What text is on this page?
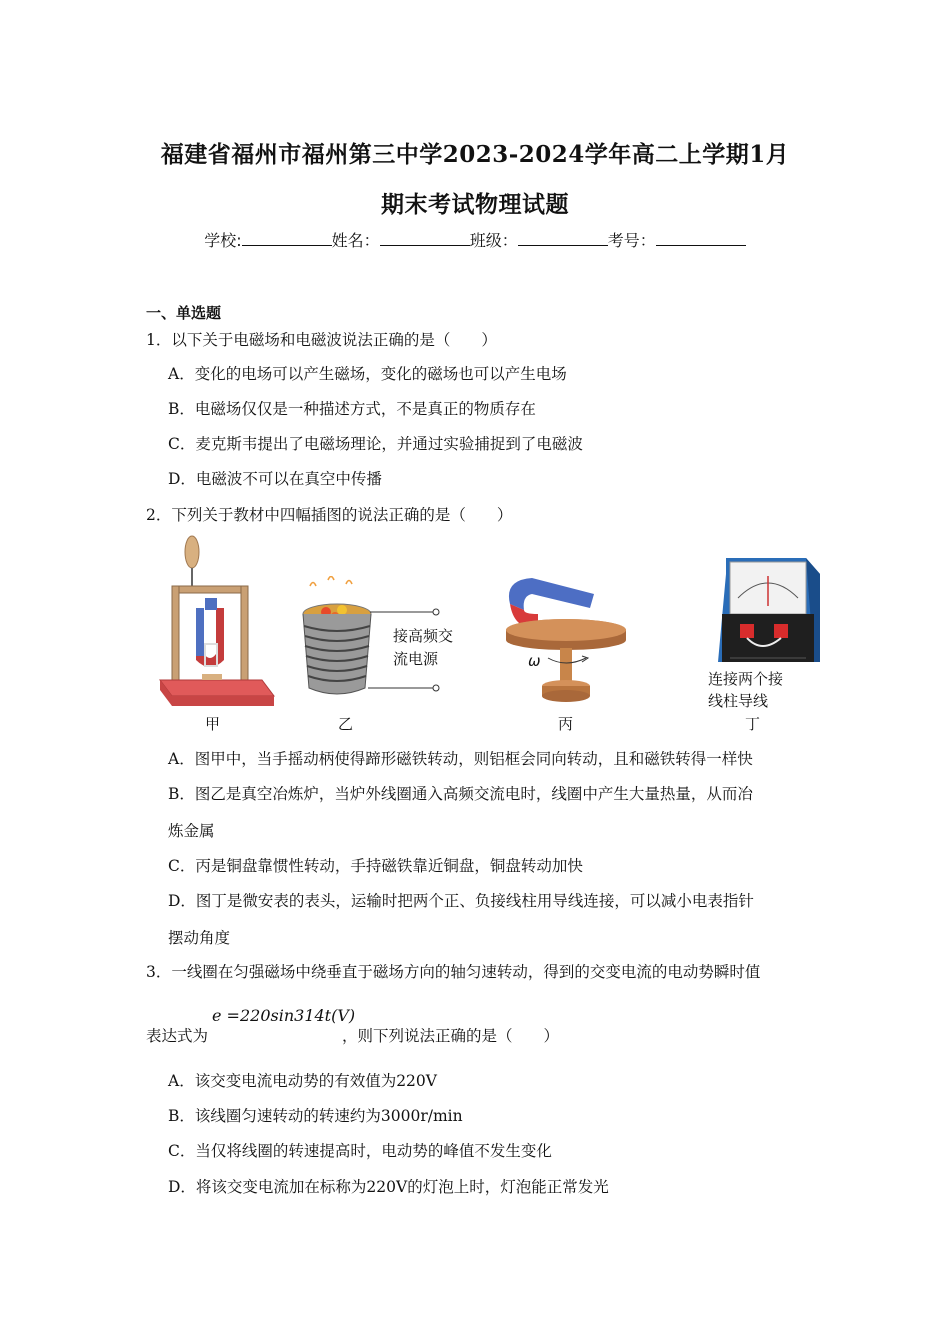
福建省福州市福州第三中学2023-2024学年高二上学期1月
期末考试物理试题
学校:	姓名：	班级：	考号：
一、单选题
1．以下关于电磁场和电磁波说法正确的是（　　）
A．变化的电场可以产生磁场，变化的磁场也可以产生电场
B．电磁场仅仅是一种描述方式，不是真正的物质存在
C．麦克斯韦提出了电磁场理论，并通过实验捕捉到了电磁波
D．电磁波不可以在真空中传播
2．下列关于教材中四幅插图的说法正确的是（　　）
甲
接高频交
流电源
乙
ω
丙
连接两个接
线柱导线
丁
A．图甲中，当手摇动柄使得蹄形磁铁转动，则铝框会同向转动，且和磁铁转得一样快
B．图乙是真空冶炼炉，当炉外线圈通入高频交流电时，线圈中产生大量热量，从而冶
炼金属
C．丙是铜盘靠惯性转动，手持磁铁靠近铜盘，铜盘转动加快
D．图丁是微安表的表头，运输时把两个正、负接线柱用导线连接，可以减小电表指针
摆动角度
3．一线圈在匀强磁场中绕垂直于磁场方向的轴匀速转动，得到的交变电流的电动势瞬时值
e =220sin314t(V)
表达式为	，则下列说法正确的是（　　）
A．该交变电流电动势的有效值为220V
B．该线圈匀速转动的转速约为3000r/min
C．当仅将线圈的转速提高时，电动势的峰值不发生变化
D．将该交变电流加在标称为220V的灯泡上时，灯泡能正常发光
